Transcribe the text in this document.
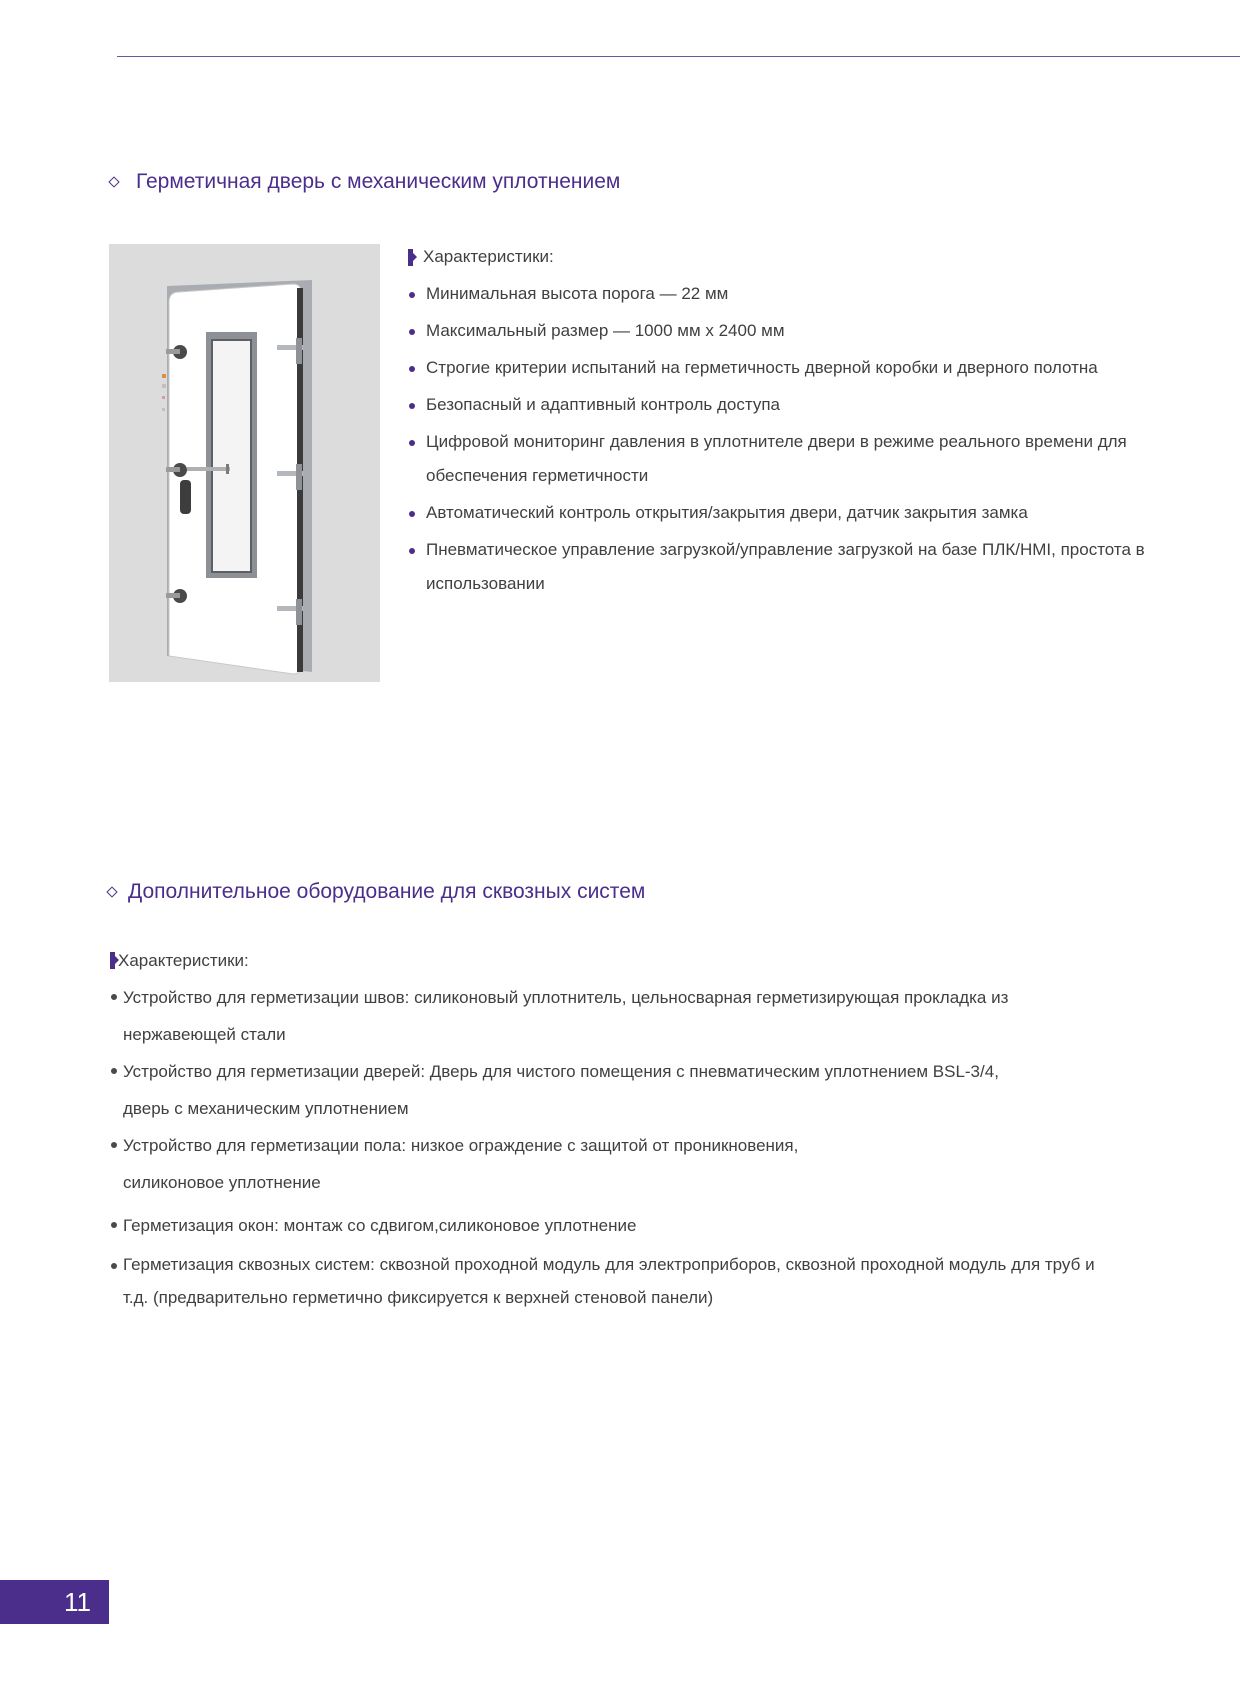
Герметичная дверь с механическим уплотнением
Характеристики:
Минимальная высота порога — 22 мм
Максимальный размер — 1000 мм x 2400 мм
Строгие критерии испытаний на герметичность дверной коробки и дверного полотна
Безопасный и адаптивный контроль доступа
Цифровой мониторинг давления в уплотнителе двери в режиме реального времени для обеспечения герметичности
Автоматический контроль открытия/закрытия двери, датчик закрытия замка
Пневматическое управление загрузкой/управление загрузкой на базе ПЛК/HMI, простота в использовании
Дополнительное оборудование для сквозных систем
Характеристики:
Устройство для герметизации швов: силиконовый уплотнитель, цельносварная герметизирующая прокладка из нержавеющей стали
Устройство для герметизации дверей: Дверь для чистого помещения с пневматическим уплотнением BSL-3/4, дверь с механическим уплотнением
Устройство для герметизации пола: низкое ограждение с защитой от проникновения, силиконовое уплотнение
Герметизация окон: монтаж со сдвигом,силиконовое уплотнение
Герметизация сквозных систем: сквозной проходной модуль для электроприборов, сквозной проходной модуль для труб и т.д. (предварительно герметично фиксируется к верхней стеновой панели)
11
